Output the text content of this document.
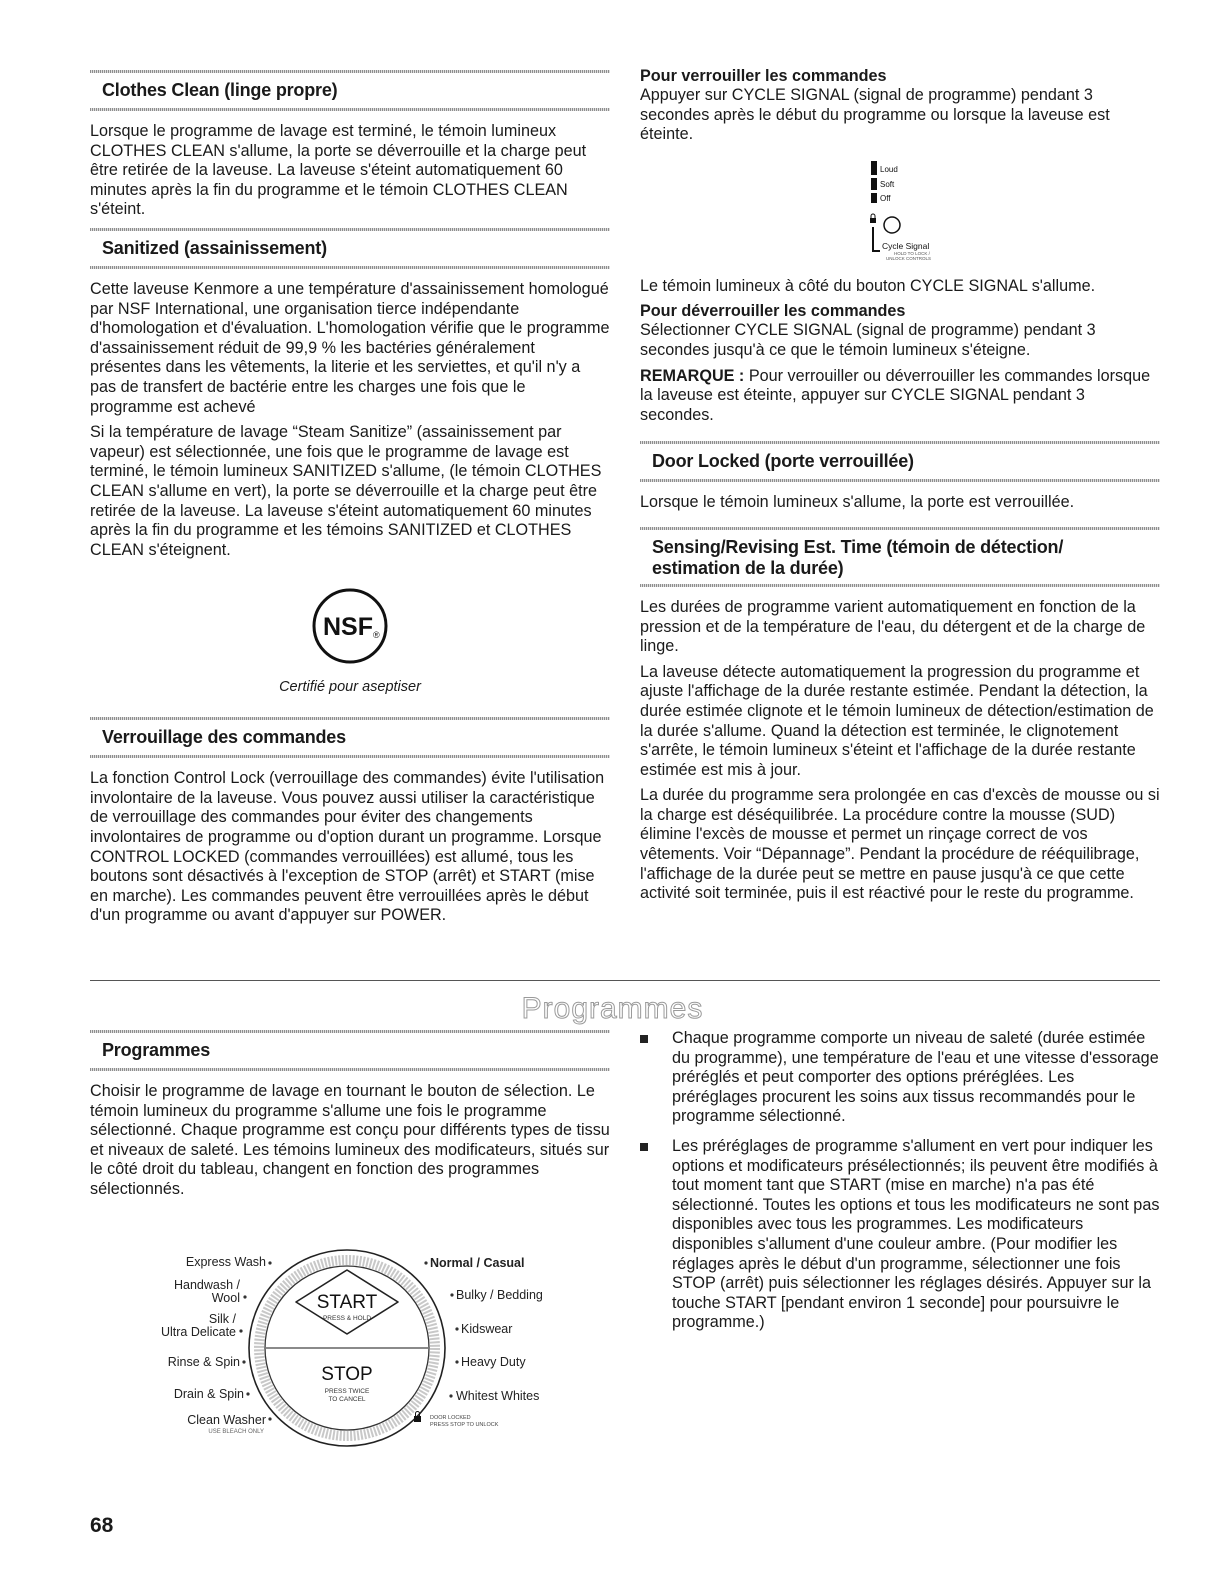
Clothes Clean (linge propre)

Lorsque le programme de lavage est terminé, le témoin lumineux CLOTHES CLEAN s'allume, la porte se déverrouille et la charge peut être retirée de la laveuse. La laveuse s'éteint automatiquement 60 minutes après la fin du programme et le témoin CLOTHES CLEAN s'éteint.

Sanitized (assainissement)

Cette laveuse Kenmore a une température d'assainissement homologué par NSF International, une organisation tierce indépendante d'homologation et d'évaluation. L'homologation vérifie que le programme d'assainissement réduit de 99,9 % les bactéries généralement présentes dans les vêtements, la literie et les serviettes, et qu'il n'y a pas de transfert de bactérie entre les charges une fois que le programme est achevé

Si la température de lavage “Steam Sanitize” (assainissement par vapeur) est sélectionnée, une fois que le programme de lavage est terminé, le témoin lumineux SANITIZED s'allume, (le témoin CLOTHES CLEAN s'allume en vert), la porte se déverrouille et la charge peut être retirée de la laveuse. La laveuse s'éteint automatiquement 60 minutes après la fin du programme et les témoins SANITIZED et CLOTHES CLEAN s'éteignent.

NSF ®
Certifié pour aseptiser
Verrouillage des commandes

La fonction Control Lock (verrouillage des commandes) évite l'utilisation involontaire de la laveuse. Vous pouvez aussi utiliser la caractéristique de verrouillage des commandes pour éviter des changements involontaires de programme ou d'option durant un programme. Lorsque CONTROL LOCKED (commandes verrouillées) est allumé, tous les boutons sont désactivés à l'exception de STOP (arrêt) et START (mise en marche). Les commandes peuvent être verrouillées après le début d'un programme ou avant d'appuyer sur POWER.

Pour verrouiller les commandes

Appuyer sur CYCLE SIGNAL (signal de programme) pendant 3 secondes après le début du programme ou lorsque la laveuse est éteinte.

Loud
Soft
Off
Cycle Signal
HOLD TO LOCK /
UNLOCK CONTROLS

Le témoin lumineux à côté du bouton CYCLE SIGNAL s'allume.

Pour déverrouiller les commandes

Sélectionner CYCLE SIGNAL (signal de programme) pendant 3 secondes jusqu'à ce que le témoin lumineux s'éteigne.

REMARQUE : Pour verrouiller ou déverrouiller les commandes lorsque la laveuse est éteinte, appuyer sur CYCLE SIGNAL pendant 3 secondes.

Door Locked (porte verrouillée)

Lorsque le témoin lumineux s'allume, la porte est verrouillée.

Sensing/Revising Est. Time (témoin de détection/
estimation de la durée)

Les durées de programme varient automatiquement en fonction de la pression et de la température de l'eau, du détergent et de la charge de linge.

La laveuse détecte automatiquement la progression du programme et ajuste l'affichage de la durée restante estimée. Pendant la détection, la durée estimée clignote et le témoin lumineux de détection/estimation de la durée s'allume. Quand la détection est terminée, le clignotement s'arrête, le témoin lumineux s'éteint et l'affichage de la durée restante estimée est mis à jour.

La durée du programme sera prolongée en cas d'excès de mousse ou si la charge est déséquilibrée. La procédure contre la mousse (SUD) élimine l'excès de mousse et permet un rinçage correct de vos vêtements. Voir “Dépannage”. Pendant la procédure de rééquilibrage, l'affichage de la durée peut se mettre en pause jusqu'à ce que cette activité soit terminée, puis il est réactivé pour le reste du programme.

Programmes
Programmes

Choisir le programme de lavage en tournant le bouton de sélection. Le témoin lumineux du programme s'allume une fois le programme sélectionné. Chaque programme est conçu pour différents types de tissu et niveaux de saleté. Les témoins lumineux des modificateurs, situés sur le côté droit du tableau, changent en fonction des programmes sélectionnés.

Express Wash
Handwash /
Wool
Silk /
Ultra Delicate
Rinse & Spin
Drain & Spin
Clean Washer
USE BLEACH ONLY
START
PRESS & HOLD
STOP
PRESS TWICE
TO CANCEL
Normal / Casual
Bulky / Bedding
Kidswear
Heavy Duty
Whitest Whites
DOOR LOCKED
PRESS STOP TO UNLOCK

Chaque programme comporte un niveau de saleté (durée estimée du programme), une température de l'eau et une vitesse d'essorage préréglés et peut comporter des options préréglées. Les préréglages procurent les soins aux tissus recommandés pour le programme sélectionné.

Les préréglages de programme s'allument en vert pour indiquer les options et modificateurs présélectionnés; ils peuvent être modifiés à tout moment tant que START (mise en marche) n'a pas été sélectionné. Toutes les options et tous les modificateurs ne sont pas disponibles avec tous les programmes. Les modificateurs disponibles s'allument d'une couleur ambre. (Pour modifier les réglages après le début d'un programme, sélectionner une fois STOP (arrêt) puis sélectionner les réglages désirés. Appuyer sur la touche START [pendant environ 1 seconde] pour poursuivre le programme.)

68
